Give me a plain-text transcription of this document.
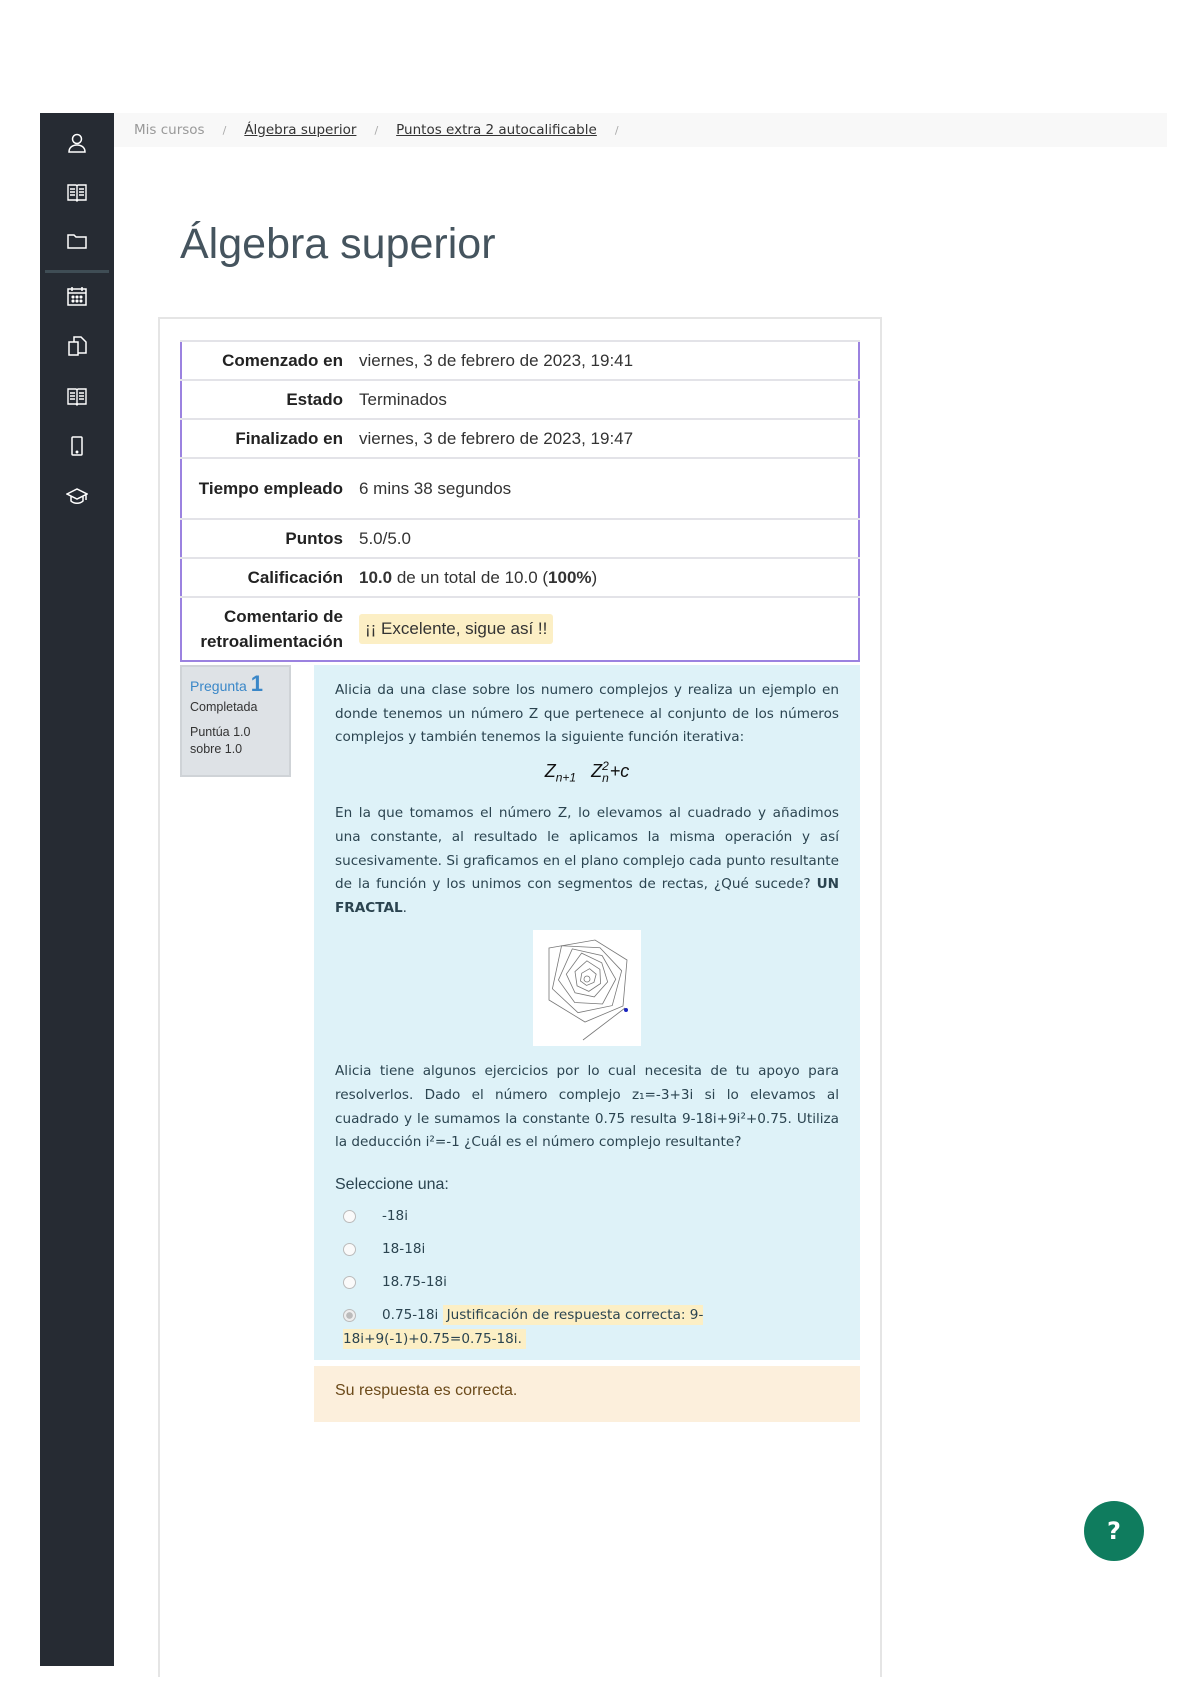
Mis cursos / Álgebra superior / Puntos extra 2 autocalificable /
Álgebra superior
Comenzado en	viernes, 3 de febrero de 2023, 19:41
Estado	Terminados
Finalizado en	viernes, 3 de febrero de 2023, 19:47
Tiempo empleado	6 mins 38 segundos
Puntos	5.0/5.0
Calificación	10.0 de un total de 10.0 (100%)
Comentario de retroalimentación	¡¡ Excelente, sigue así !!
Pregunta 1
Completada
Puntúa 1.0 sobre 1.0

Alicia da una clase sobre los numero complejos y realiza un ejemplo en donde tenemos un número Z que pertenece al conjunto de los números complejos y también tenemos la siguiente función iterativa:

$Z_{n+1}$ Z 2
n +c

En la que tomamos el número Z, lo elevamos al cuadrado y añadimos una constante, al resultado le aplicamos la misma operación y así sucesivamente. Si graficamos en el plano complejo cada punto resultante de la función y los unimos con segmentos de rectas, ¿Qué sucede? UN FRACTAL.

Alicia tiene algunos ejercicios por lo cual necesita de tu apoyo para resolverlos. Dado el número complejo z₁=-3+3i si lo elevamos al cuadrado y le sumamos la constante 0.75 resulta 9-18i+9i²+0.75. Utiliza la deducción i²=-1 ¿Cuál es el número complejo resultante?

Seleccione una:
-18i
18-18i
18.75-18i
0.75-18i Justificación de respuesta correcta: 9-18i+9(-1)+0.75=0.75-18i.
Su respuesta es correcta.
?
